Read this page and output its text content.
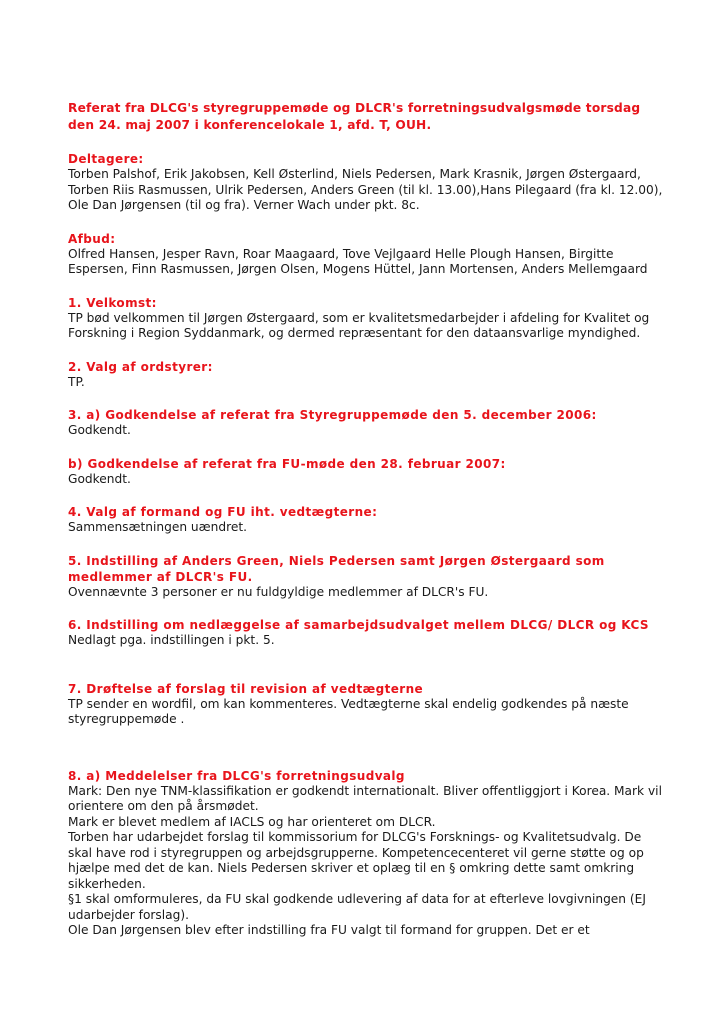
Referat fra DLCG's styregruppemøde og DLCR's forretningsudvalgsmøde torsdag den 24. maj 2007 i konferencelokale 1, afd. T, OUH.
Deltagere:
Torben Palshof, Erik Jakobsen, Kell Østerlind, Niels Pedersen, Mark Krasnik, Jørgen Østergaard, Torben Riis Rasmussen, Ulrik Pedersen, Anders Green (til kl. 13.00),Hans Pilegaard (fra kl. 12.00), Ole Dan Jørgensen (til og fra). Verner Wach under pkt. 8c.
Afbud:
Olfred Hansen, Jesper Ravn, Roar Maagaard, Tove Vejlgaard Helle Plough Hansen, Birgitte Espersen, Finn Rasmussen, Jørgen Olsen, Mogens Hüttel, Jann Mortensen, Anders Mellemgaard
1. Velkomst:
TP bød velkommen til Jørgen Østergaard, som er kvalitetsmedarbejder i afdeling for Kvalitet og Forskning i Region Syddanmark, og dermed repræsentant for den dataansvarlige myndighed.
2. Valg af ordstyrer:
TP.
3. a) Godkendelse af referat fra Styregruppemøde den 5. december 2006:
Godkendt.
b) Godkendelse af referat fra FU-møde den 28. februar 2007:
Godkendt.
4. Valg af formand og FU iht. vedtægterne:
Sammensætningen uændret.
5. Indstilling af Anders Green, Niels Pedersen samt Jørgen Østergaard som medlemmer af DLCR's FU.
Ovennævnte 3 personer er nu fuldgyldige medlemmer af DLCR's FU.
6. Indstilling om nedlæggelse af samarbejdsudvalget mellem DLCG/ DLCR og KCS
Nedlagt pga. indstillingen i pkt. 5.
7. Drøftelse af forslag til revision af vedtægterne
TP sender en wordfil, om kan kommenteres. Vedtægterne skal endelig godkendes på næste styregruppemøde .
8. a) Meddelelser fra DLCG's forretningsudvalg
Mark: Den nye TNM-klassifikation er godkendt internationalt. Bliver offentliggjort i Korea. Mark vil orientere om den på årsmødet.
Mark er blevet medlem af IACLS og har orienteret om DLCR.
Torben har udarbejdet forslag til kommissorium for DLCG's Forsknings- og Kvalitetsudvalg. De skal have rod i styregruppen og arbejdsgrupperne. Kompetencecenteret vil gerne støtte og op hjælpe med det de kan. Niels Pedersen skriver et oplæg til en § omkring dette samt omkring sikkerheden.
§1 skal omformuleres, da FU skal godkende udlevering af data for at efterleve lovgivningen (EJ udarbejder forslag).
Ole Dan Jørgensen blev efter indstilling fra FU valgt til formand for gruppen. Det er et
